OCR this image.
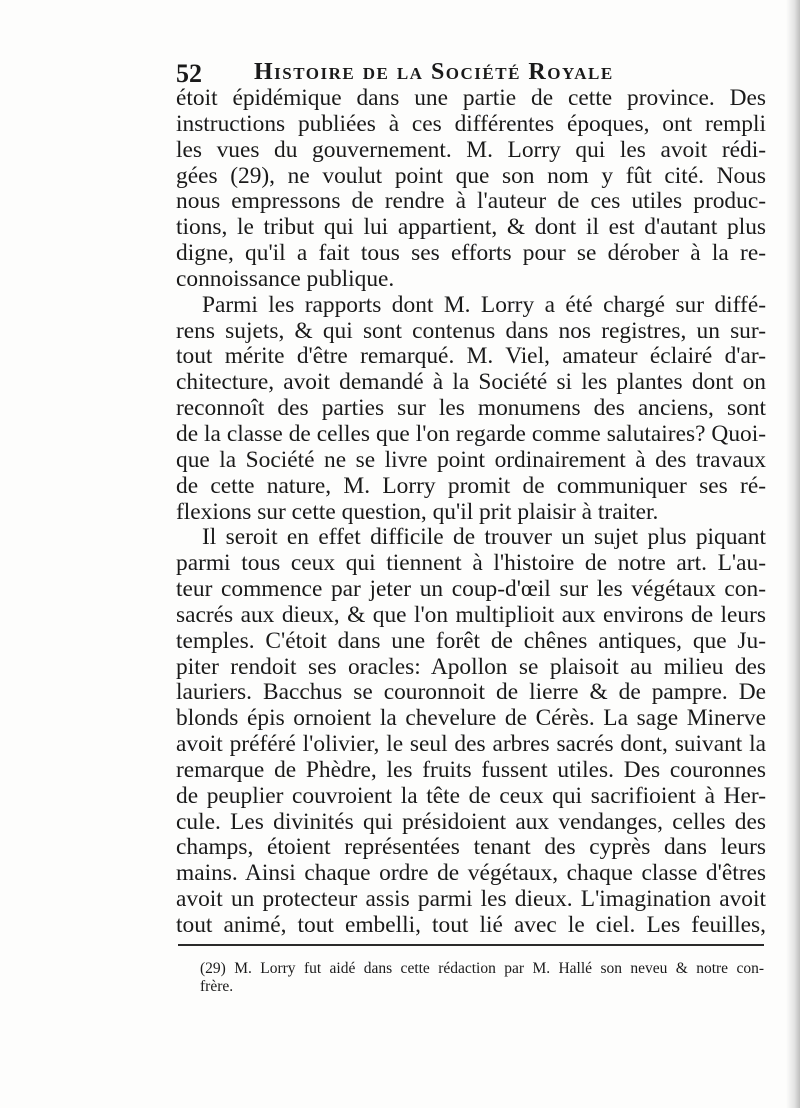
52 Histoire de la Société Royale
étoit épidémique dans une partie de cette province. Des
instructions publiées à ces différentes époques, ont rempli
les vues du gouvernement. M. Lorry qui les avoit rédi-
gées (29), ne voulut point que son nom y fût cité. Nous
nous empressons de rendre à l'auteur de ces utiles produc-
tions, le tribut qui lui appartient, & dont il est d'autant plus
digne, qu'il a fait tous ses efforts pour se dérober à la re-
connoissance publique.
Parmi les rapports dont M. Lorry a été chargé sur diffé-
rens sujets, & qui sont contenus dans nos registres, un sur-
tout mérite d'être remarqué. M. Viel, amateur éclairé d'ar-
chitecture, avoit demandé à la Société si les plantes dont on
reconnoît des parties sur les monumens des anciens, sont
de la classe de celles que l'on regarde comme salutaires? Quoi-
que la Société ne se livre point ordinairement à des travaux
de cette nature, M. Lorry promit de communiquer ses ré-
flexions sur cette question, qu'il prit plaisir à traiter.
Il seroit en effet difficile de trouver un sujet plus piquant
parmi tous ceux qui tiennent à l'histoire de notre art. L'au-
teur commence par jeter un coup-d'œil sur les végétaux con-
sacrés aux dieux, & que l'on multiplioit aux environs de leurs
temples. C'étoit dans une forêt de chênes antiques, que Ju-
piter rendoit ses oracles: Apollon se plaisoit au milieu des
lauriers. Bacchus se couronnoit de lierre & de pampre. De
blonds épis ornoient la chevelure de Cérès. La sage Minerve
avoit préféré l'olivier, le seul des arbres sacrés dont, suivant la
remarque de Phèdre, les fruits fussent utiles. Des couronnes
de peuplier couvroient la tête de ceux qui sacrifioient à Her-
cule. Les divinités qui présidoient aux vendanges, celles des
champs, étoient représentées tenant des cyprès dans leurs
mains. Ainsi chaque ordre de végétaux, chaque classe d'êtres
avoit un protecteur assis parmi les dieux. L'imagination avoit
tout animé, tout embelli, tout lié avec le ciel. Les feuilles,
(29) M. Lorry fut aidé dans cette rédaction par M. Hallé son neveu & notre con-
frère.
